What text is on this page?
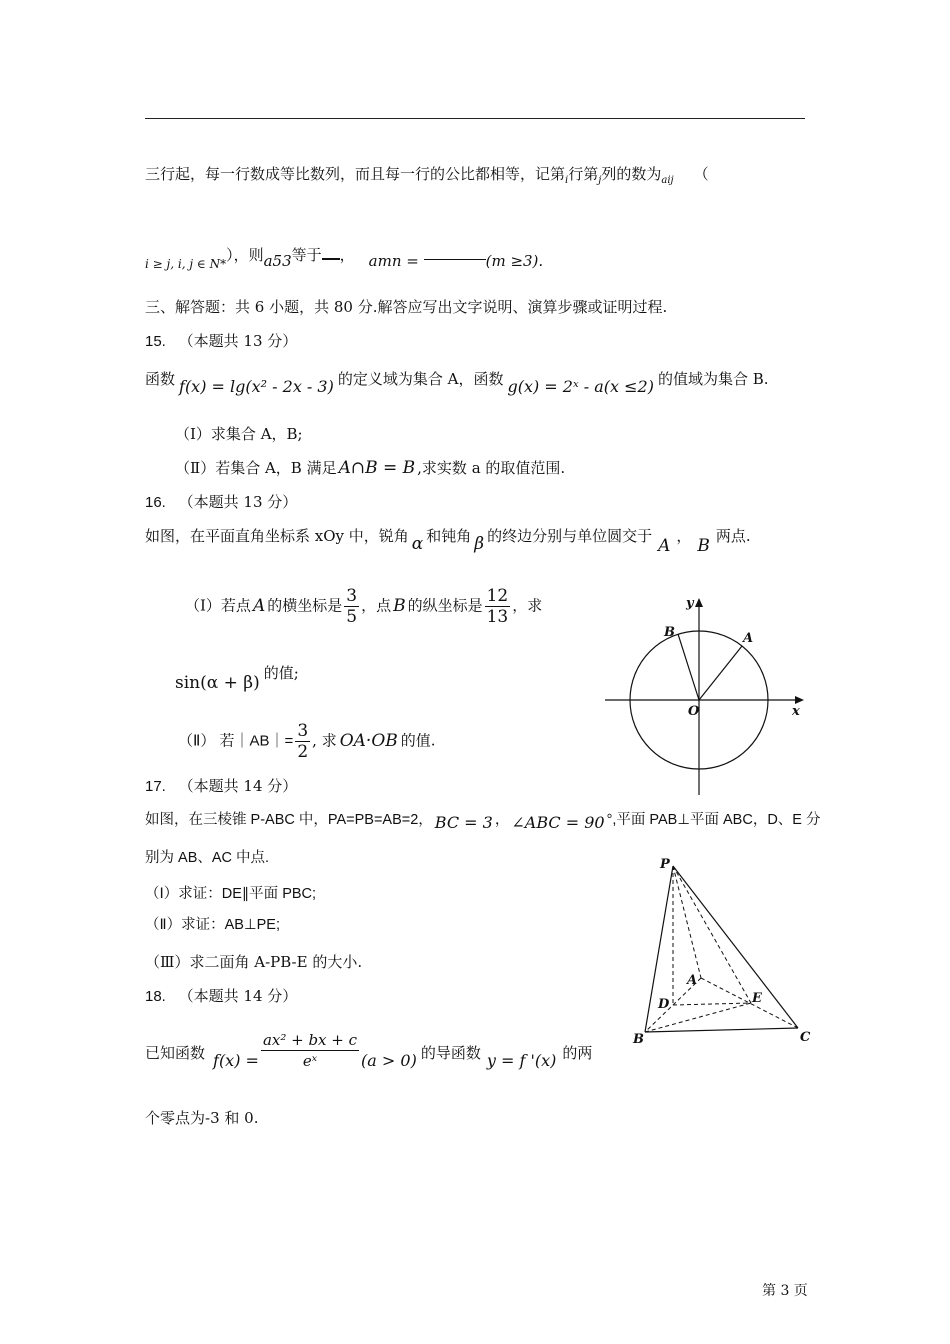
三行起，每一行数成等比数列，而且每一行的公比都相等，记第$_i$行第$_j$列的数为$_{aij}$ （
$_{i \ge j, i, j \in N*}$），则a53等于 ， amn =	(m ≥3).
三、解答题：共 6 小题，共 80 分.解答应写出文字说明、演算步骤或证明过程.
15. （本题共 13 分）
函数 f(x) = lg(x² - 2x - 3) 的定义域为集合 A，函数 g(x) = 2ˣ - a(x ≤2) 的值域为集合 B.
（Ⅰ）求集合 A，B;
（Ⅱ）若集合 A，B 满足 A∩B = B ,求实数 a 的取值范围.
16. （本题共 13 分）
如图，在平面直角坐标系 xOy 中，锐角 α 和钝角 β 的终边分别与单位圆交于 A ， B 两点.
（Ⅰ）若点 A 的横坐标是 $\frac{3}{5}$ ，点 B 的纵坐标是 $\frac{12}{13}$ ，求
sin(α + β) 的值;
（Ⅱ） 若｜AB｜= $\frac{3}{2}$ , 求 OA·OB 的值.
y
x
O
A
B
17. （本题共 14 分）
如图，在三棱锥 P-ABC 中，PA=PB=AB=2， BC = 3 ， ∠ABC = 90 °,平面 PAB⊥平面 ABC，D、E 分
别为 AB、AC 中点.
（Ⅰ）求证：DE∥平面 PBC;
（Ⅱ）求证：AB⊥PE;
（Ⅲ）求二面角 A-PB-E 的大小.
P
A
D	E
B	C
18. （本题共 14 分）
已知函数 $f(x) = \frac{\text{ax² + bx + c}}{\text{eˣ}} (a > 0)$ 的导函数 y = f '(x) 的两
个零点为-3 和 0.
第 3 页
